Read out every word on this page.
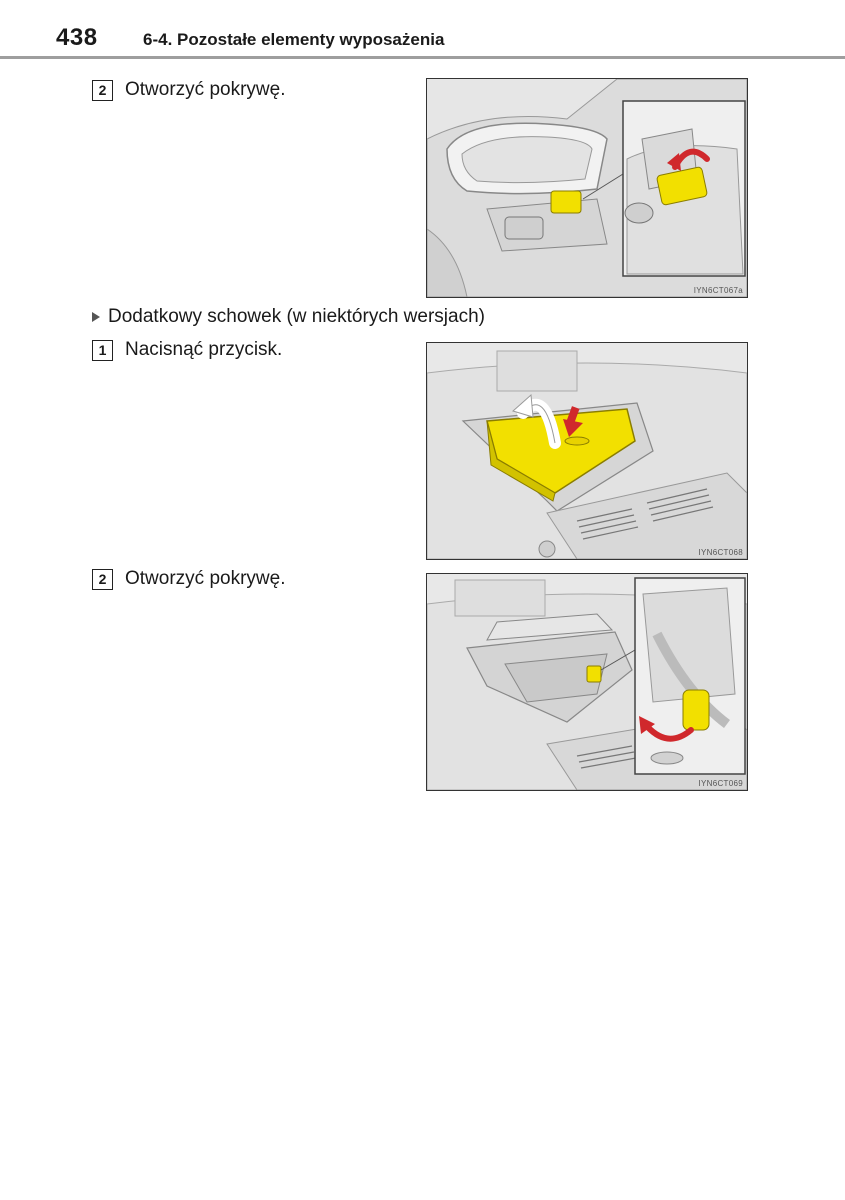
438	6-4. Pozostałe elementy wyposażenia
2 Otworzyć pokrywę.
IYN6CT067a
Dodatkowy schowek (w niektórych wersjach)
1 Nacisnąć przycisk.
IYN6CT068
2 Otworzyć pokrywę.
IYN6CT069
